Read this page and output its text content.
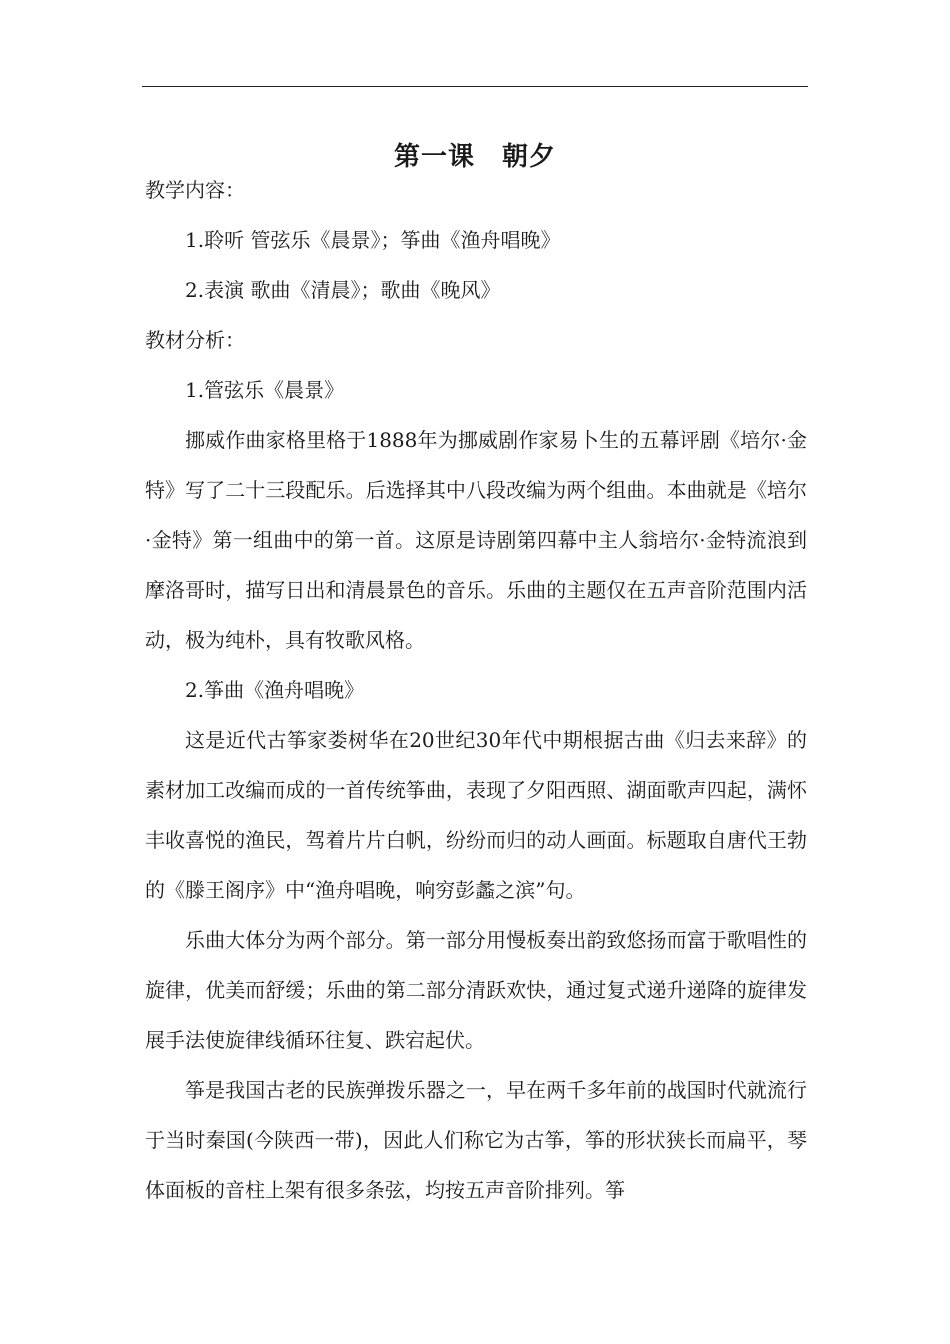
第一课　朝夕

教学内容：

1.聆听 管弦乐《晨景》；筝曲《渔舟唱晚》

2.表演 歌曲《清晨》；歌曲《晚风》

教材分析：

1.管弦乐《晨景》

挪威作曲家格里格于1888年为挪威剧作家易卜生的五幕评剧《培尔·金特》写了二十三段配乐。后选择其中八段改编为两个组曲。本曲就是《培尔·金特》第一组曲中的第一首。这原是诗剧第四幕中主人翁培尔·金特流浪到摩洛哥时，描写日出和清晨景色的音乐。乐曲的主题仅在五声音阶范围内活动，极为纯朴，具有牧歌风格。

2.筝曲《渔舟唱晚》

这是近代古筝家娄树华在20世纪30年代中期根据古曲《归去来辞》的素材加工改编而成的一首传统筝曲，表现了夕阳西照、湖面歌声四起，满怀丰收喜悦的渔民，驾着片片白帆，纷纷而归的动人画面。标题取自唐代王勃的《滕王阁序》中“渔舟唱晚，响穷彭蠡之滨”句。

乐曲大体分为两个部分。第一部分用慢板奏出韵致悠扬而富于歌唱性的旋律，优美而舒缓；乐曲的第二部分清跃欢快，通过复式递升递降的旋律发展手法使旋律线循环往复、跌宕起伏。

筝是我国古老的民族弹拨乐器之一，早在两千多年前的战国时代就流行于当时秦国(今陕西一带)，因此人们称它为古筝，筝的形状狭长而扁平，琴体面板的音柱上架有很多条弦，均按五声音阶排列。筝
